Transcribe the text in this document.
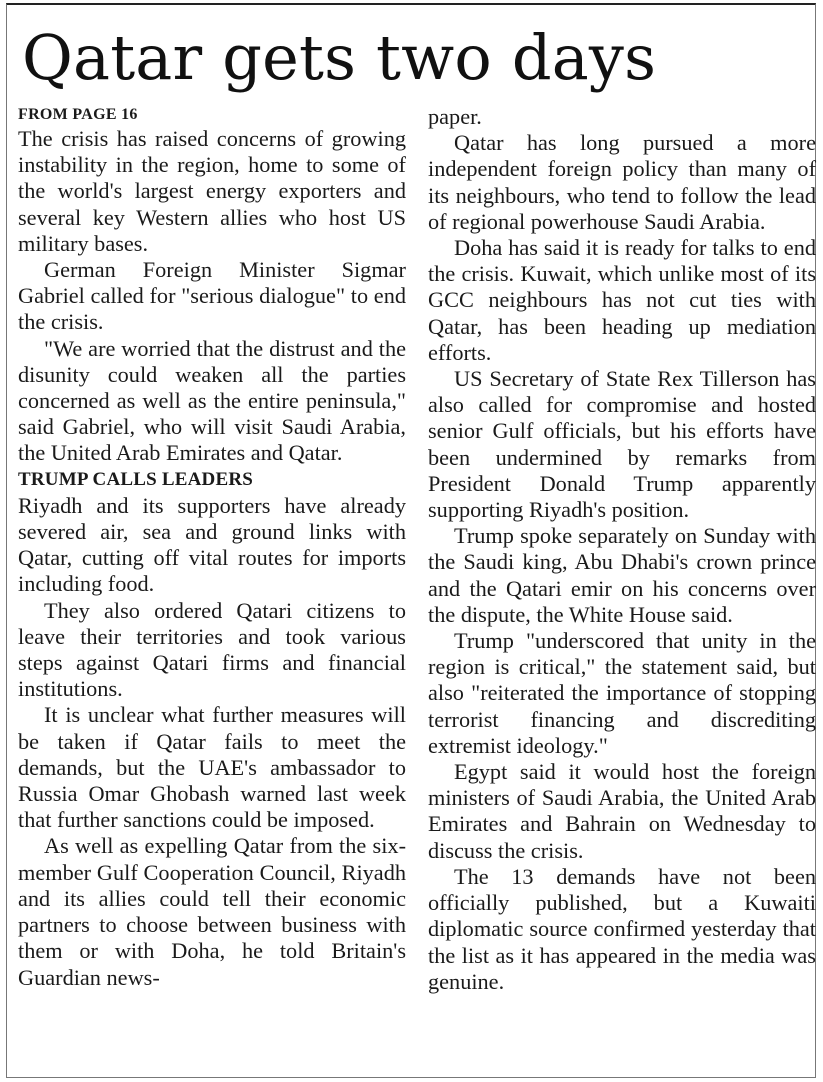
Qatar gets two days
FROM PAGE 16

The crisis has raised concerns of growing instability in the region, home to some of the world's largest energy exporters and several key Western allies who host US military bases.

German Foreign Minister Sigmar Gabriel called for "serious dialogue" to end the crisis.

"We are worried that the distrust and the disunity could weaken all the parties concerned as well as the entire peninsula," said Gabriel, who will visit Saudi Arabia, the United Arab Emirates and Qatar.

TRUMP CALLS LEADERS

Riyadh and its supporters have already severed air, sea and ground links with Qatar, cutting off vital routes for imports including food.

They also ordered Qatari citizens to leave their territories and took various steps against Qatari firms and financial institutions.

It is unclear what further measures will be taken if Qatar fails to meet the demands, but the UAE's ambassador to Russia Omar Ghobash warned last week that further sanctions could be imposed.

As well as expelling Qatar from the six-member Gulf Cooperation Council, Riyadh and its allies could tell their economic partners to choose between business with them or with Doha, he told Britain's Guardian news-

paper.

Qatar has long pursued a more independent foreign policy than many of its neighbours, who tend to follow the lead of regional powerhouse Saudi Arabia.

Doha has said it is ready for talks to end the crisis. Kuwait, which unlike most of its GCC neighbours has not cut ties with Qatar, has been heading up mediation efforts.

US Secretary of State Rex Tillerson has also called for compromise and hosted senior Gulf officials, but his efforts have been undermined by remarks from President Donald Trump apparently supporting Riyadh's position.

Trump spoke separately on Sunday with the Saudi king, Abu Dhabi's crown prince and the Qatari emir on his concerns over the dispute, the White House said.

Trump "underscored that unity in the region is critical," the statement said, but also "reiterated the importance of stopping terrorist financing and discrediting extremist ideology."

Egypt said it would host the foreign ministers of Saudi Arabia, the United Arab Emirates and Bahrain on Wednesday to discuss the crisis.

The 13 demands have not been officially published, but a Kuwaiti diplomatic source confirmed yesterday that the list as it has appeared in the media was genuine.
